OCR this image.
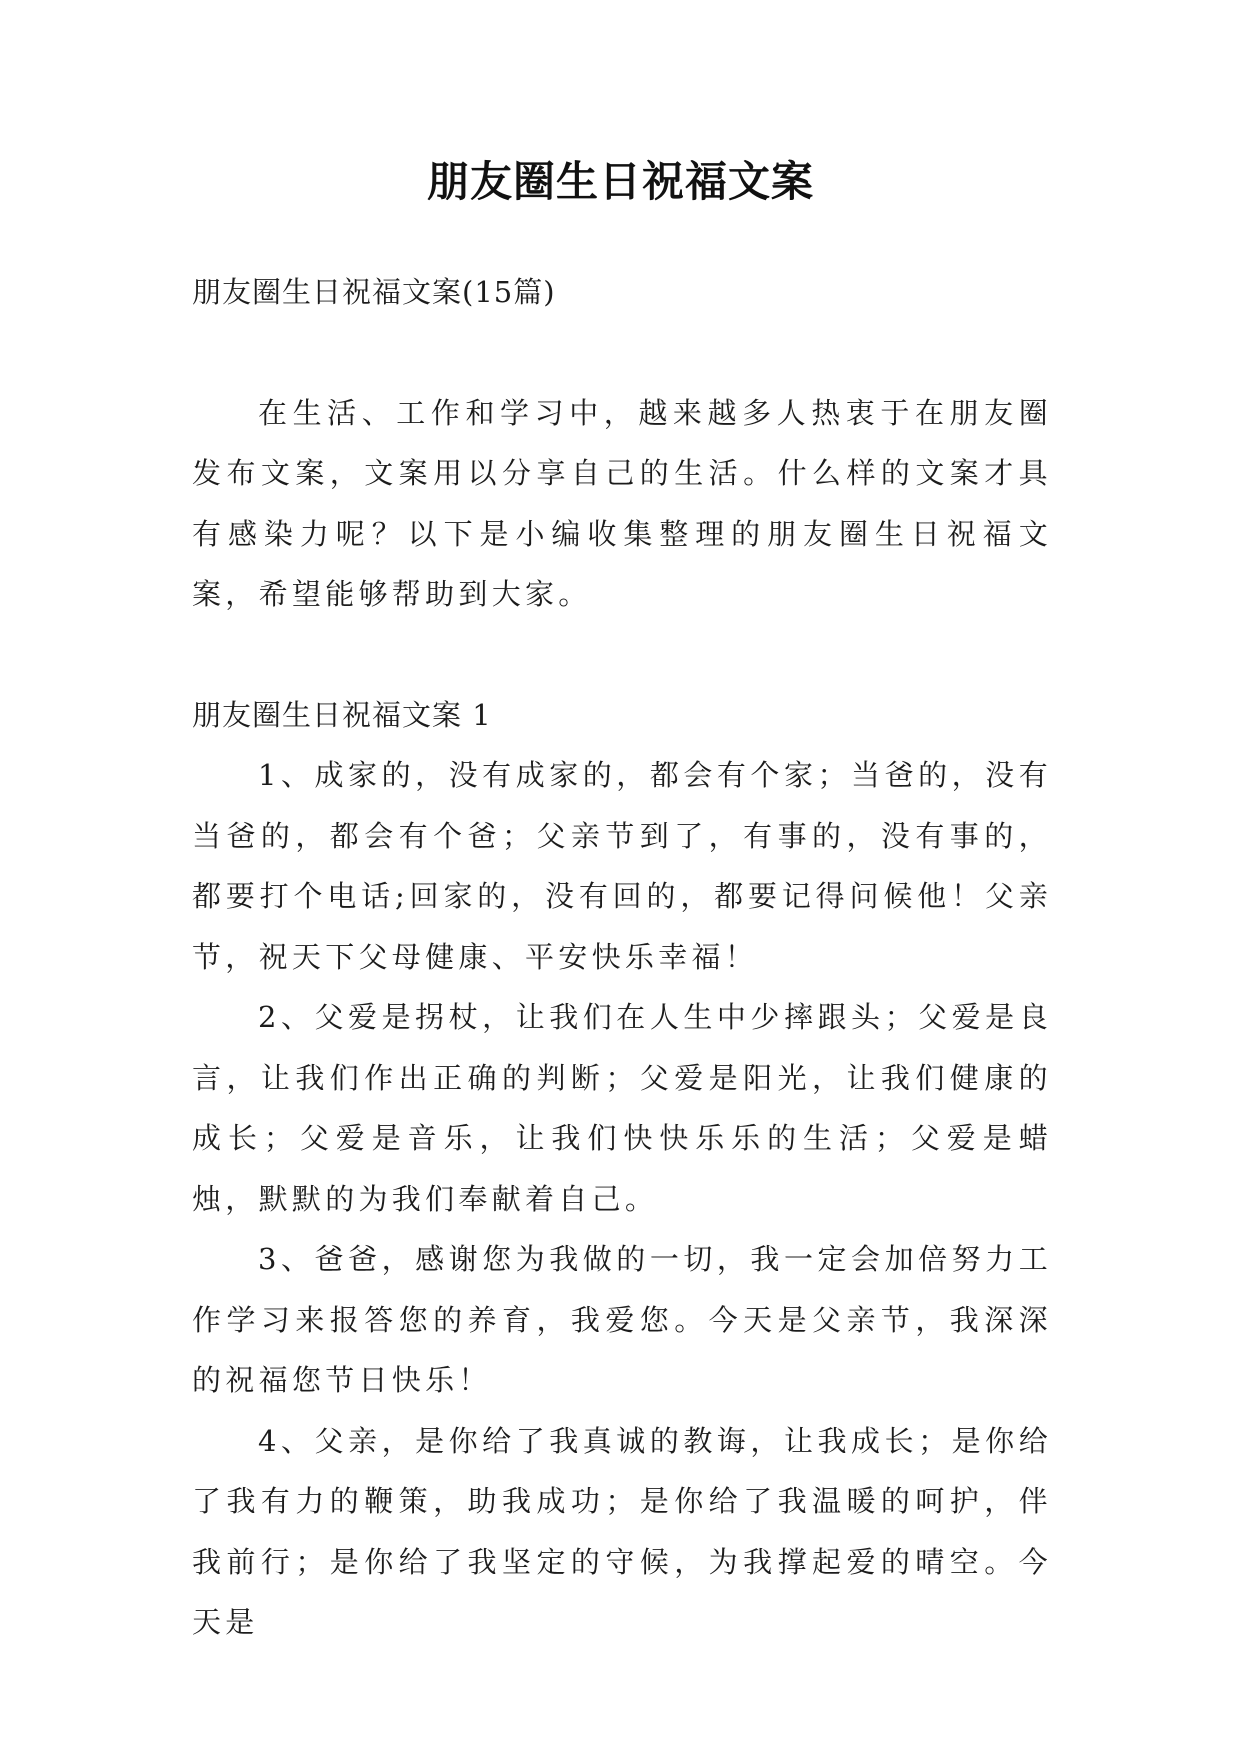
朋友圈生日祝福文案

朋友圈生日祝福文案(15篇)

在生活、工作和学习中，越来越多人热衷于在朋友圈发布文案，文案用以分享自己的生活。什么样的文案才具有感染力呢？以下是小编收集整理的朋友圈生日祝福文案，希望能够帮助到大家。

朋友圈生日祝福文案 1

1、成家的，没有成家的，都会有个家；当爸的，没有当爸的，都会有个爸；父亲节到了，有事的，没有事的，都要打个电话;回家的，没有回的，都要记得问候他！父亲节，祝天下父母健康、平安快乐幸福！

2、父爱是拐杖，让我们在人生中少摔跟头；父爱是良言，让我们作出正确的判断；父爱是阳光，让我们健康的成长；父爱是音乐，让我们快快乐乐的生活；父爱是蜡烛，默默的为我们奉献着自己。

3、爸爸，感谢您为我做的一切，我一定会加倍努力工作学习来报答您的养育，我爱您。今天是父亲节，我深深的祝福您节日快乐！

4、父亲，是你给了我真诚的教诲，让我成长；是你给了我有力的鞭策，助我成功；是你给了我温暖的呵护，伴我前行；是你给了我坚定的守候，为我撑起爱的晴空。今天是
